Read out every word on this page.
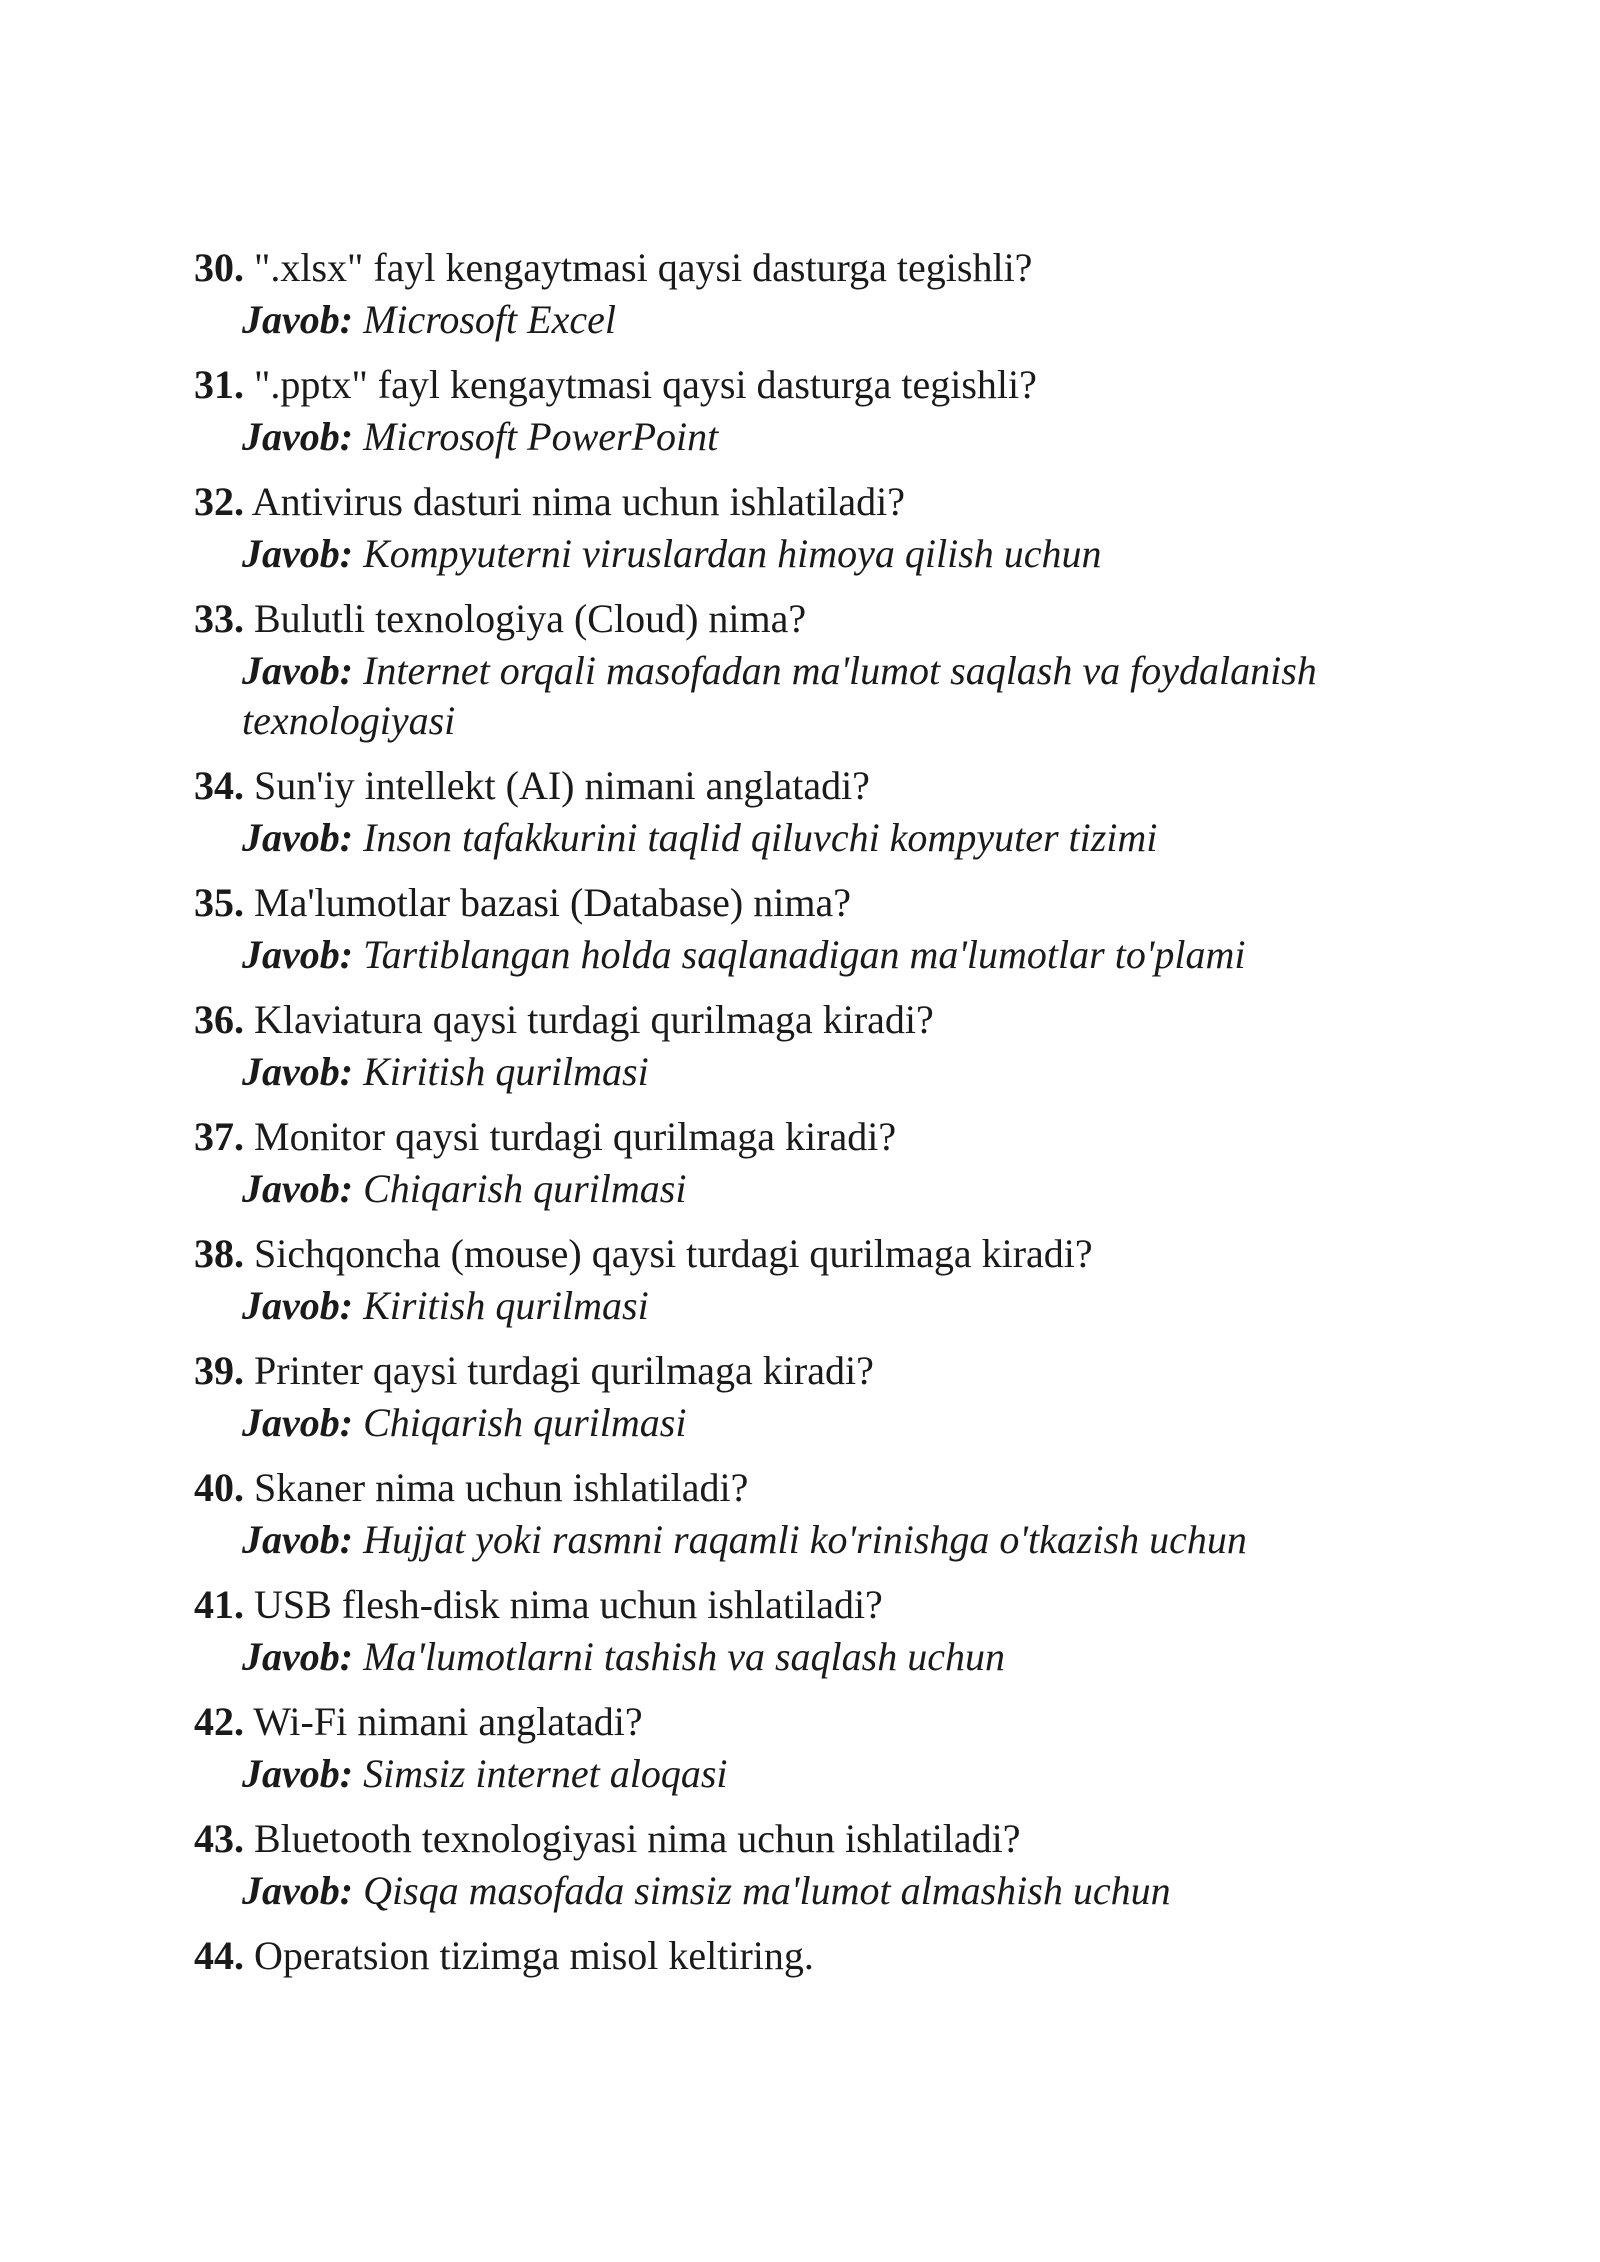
30. ".xlsx" fayl kengaytmasi qaysi dasturga tegishli?

Javob: Microsoft Excel

31. ".pptx" fayl kengaytmasi qaysi dasturga tegishli?

Javob: Microsoft PowerPoint

32. Antivirus dasturi nima uchun ishlatiladi?

Javob: Kompyuterni viruslardan himoya qilish uchun

33. Bulutli texnologiya (Cloud) nima?

Javob: Internet orqali masofadan ma'lumot saqlash va foydalanish texnologiyasi

34. Sun'iy intellekt (AI) nimani anglatadi?

Javob: Inson tafakkurini taqlid qiluvchi kompyuter tizimi

35. Ma'lumotlar bazasi (Database) nima?

Javob: Tartiblangan holda saqlanadigan ma'lumotlar to'plami

36. Klaviatura qaysi turdagi qurilmaga kiradi?

Javob: Kiritish qurilmasi

37. Monitor qaysi turdagi qurilmaga kiradi?

Javob: Chiqarish qurilmasi

38. Sichqoncha (mouse) qaysi turdagi qurilmaga kiradi?

Javob: Kiritish qurilmasi

39. Printer qaysi turdagi qurilmaga kiradi?

Javob: Chiqarish qurilmasi

40. Skaner nima uchun ishlatiladi?

Javob: Hujjat yoki rasmni raqamli ko'rinishga o'tkazish uchun

41. USB flesh-disk nima uchun ishlatiladi?

Javob: Ma'lumotlarni tashish va saqlash uchun

42. Wi-Fi nimani anglatadi?

Javob: Simsiz internet aloqasi

43. Bluetooth texnologiyasi nima uchun ishlatiladi?

Javob: Qisqa masofada simsiz ma'lumot almashish uchun

44. Operatsion tizimga misol keltiring.
